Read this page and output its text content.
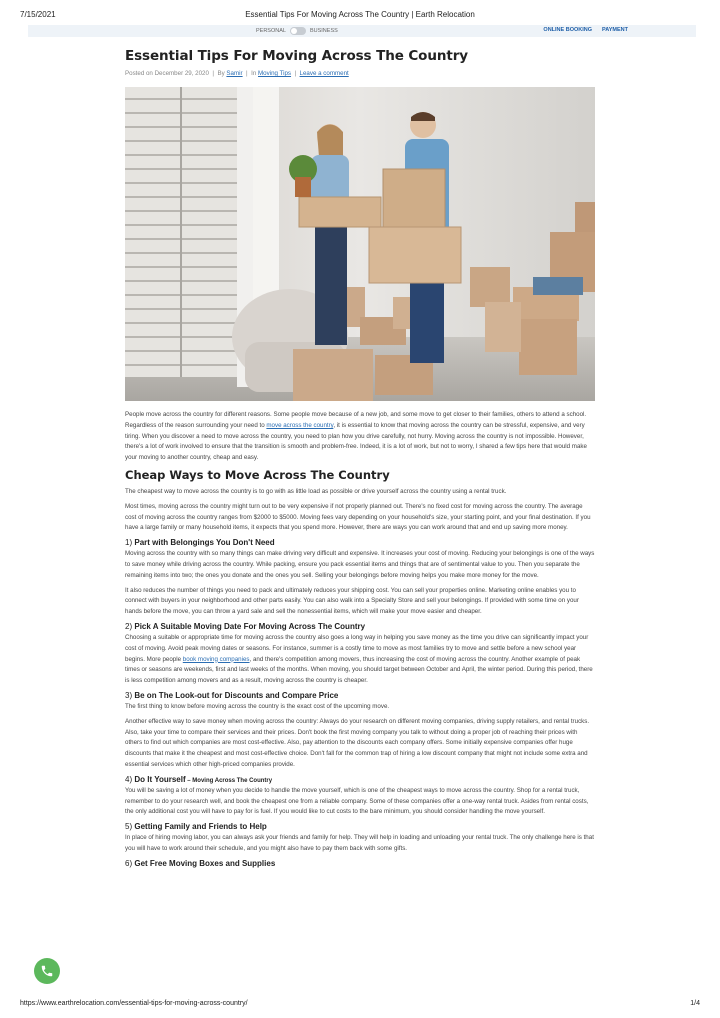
7/15/2021	Essential Tips For Moving Across The Country | Earth Relocation
PERSONAL	BUSINESS	ONLINE BOOKING PAYMENT
Essential Tips For Moving Across The Country
Posted on December 29, 2020 | By Samir | In Moving Tips | Leave a comment

People move across the country for different reasons. Some people move because of a new job, and some move to get closer to their families, others to attend a school. Regardless of the reason surrounding your need to move across the country, it is essential to know that moving across the country can be stressful, expensive, and very tiring. When you discover a need to move across the country, you need to plan how you drive carefully, not hurry. Moving across the country is not impossible. However, there's a lot of work involved to ensure that the transition is smooth and problem-free. Indeed, it is a lot of work, but not to worry, I shared a few tips here that would make your moving to another country, cheap and easy.

Cheap Ways to Move Across The Country

The cheapest way to move across the country is to go with as little load as possible or drive yourself across the country using a rental truck.

Most times, moving across the country might turn out to be very expensive if not properly planned out. There's no fixed cost for moving across the country. The average cost of moving across the country ranges from $2000 to $5000. Moving fees vary depending on your household's size, your starting point, and your final destination. If you have a large family or many household items, it expects that you spend more. However, there are ways you can work around that and end up saving more money.

1) Part with Belongings You Don't Need

Moving across the country with so many things can make driving very difficult and expensive. It increases your cost of moving. Reducing your belongings is one of the ways to save money while driving across the country. While packing, ensure you pack essential items and things that are of sentimental value to you. Then you separate the remaining items into two; the ones you donate and the ones you sell. Selling your belongings before moving helps you make more money for the move.

It also reduces the number of things you need to pack and ultimately reduces your shipping cost. You can sell your properties online. Marketing online enables you to connect with buyers in your neighborhood and other parts easily. You can also walk into a Specialty Store and sell your belongings. If provided with some time on your hands before the move, you can throw a yard sale and sell the nonessential items, which will make your move easier and cheaper.

2) Pick A Suitable Moving Date For Moving Across The Country

Choosing a suitable or appropriate time for moving across the country also goes a long way in helping you save money as the time you drive can significantly impact your cost of moving. Avoid peak moving dates or seasons. For instance, summer is a costly time to move as most families try to move and settle before a new school year begins. More people book moving companies, and there's competition among movers, thus increasing the cost of moving across the country. Another example of peak times or seasons are weekends, first and last weeks of the months. When moving, you should target between October and April, the winter period. During this period, there is less competition among movers and as a result, moving across the country is cheaper.

3) Be on The Look-out for Discounts and Compare Price

The first thing to know before moving across the country is the exact cost of the upcoming move.

Another effective way to save money when moving across the country: Always do your research on different moving companies, driving supply retailers, and rental trucks. Also, take your time to compare their services and their prices. Don't book the first moving company you talk to without doing a proper job of reaching their prices with others to find out which companies are most cost-effective. Also, pay attention to the discounts each company offers. Some initially expensive companies offer huge discounts that make it the cheapest and most cost-effective choice. Don't fall for the common trap of hiring a low discount company that might not include some extra and essential services which other high-priced companies provide.

4) Do It Yourself – Moving Across The Country

You will be saving a lot of money when you decide to handle the move yourself, which is one of the cheapest ways to move across the country. Shop for a rental truck, remember to do your research well, and book the cheapest one from a reliable company. Some of these companies offer a one-way rental truck. Asides from rental costs, the only additional cost you will have to pay for is fuel. If you would like to cut costs to the bare minimum, you should consider handling the move yourself.

5) Getting Family and Friends to Help

In place of hiring moving labor, you can always ask your friends and family for help. They will help in loading and unloading your rental truck. The only challenge here is that you will have to work around their schedule, and you might also have to pay them back with some gifts.

6) Get Free Moving Boxes and Supplies
https://www.earthrelocation.com/essential-tips-for-moving-across-country/	1/4
